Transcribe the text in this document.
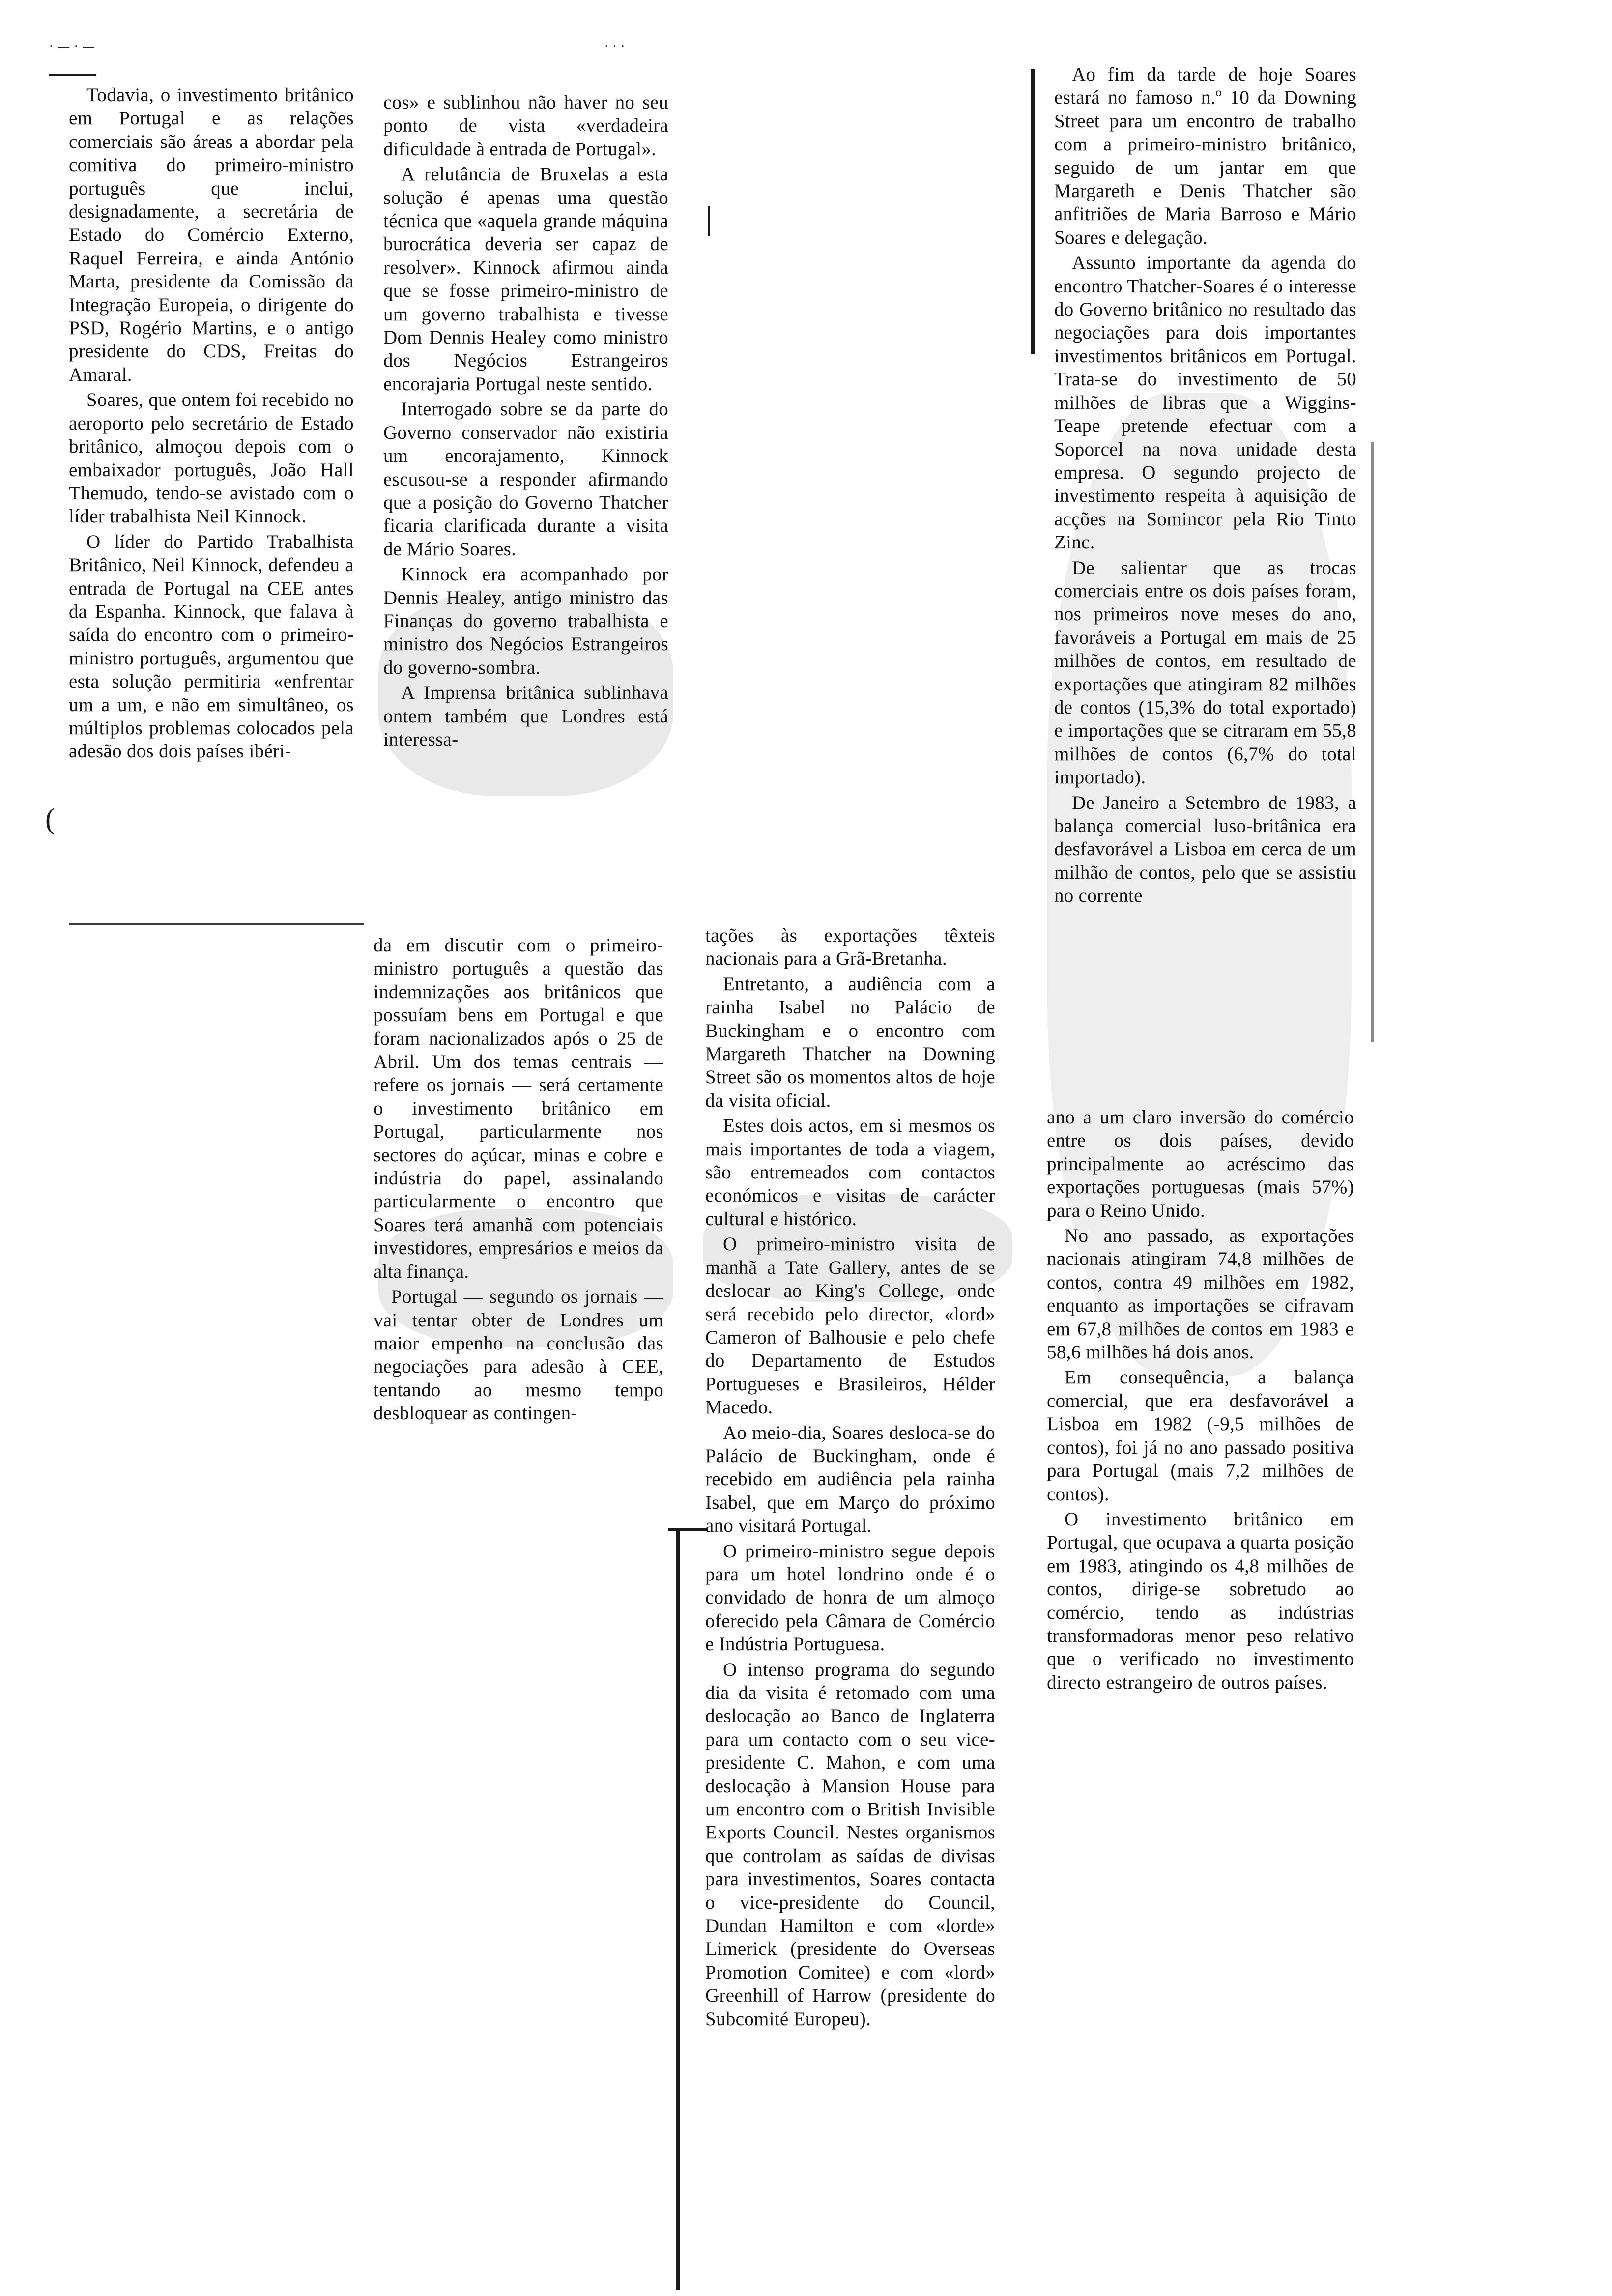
· — · —	· · ·
(

Todavia, o investimento britânico em Portugal e as relações comerciais são áreas a abordar pela comitiva do primeiro-ministro português que inclui, designadamente, a secretária de Estado do Comércio Externo, Raquel Ferreira, e ainda António Marta, presidente da Comissão da Integração Europeia, o dirigente do PSD, Rogério Martins, e o antigo presidente do CDS, Freitas do Amaral.

Soares, que ontem foi recebido no aeroporto pelo secretário de Estado britânico, almoçou depois com o embaixador português, João Hall Themudo, tendo-se avistado com o líder trabalhista Neil Kinnock.

O líder do Partido Trabalhista Britânico, Neil Kinnock, defendeu a entrada de Portugal na CEE antes da Espanha. Kinnock, que falava à saída do encontro com o primeiro-ministro português, argumentou que esta solução permitiria «enfrentar um a um, e não em simultâneo, os múltiplos problemas colocados pela adesão dos dois países ibéri-

cos» e sublinhou não haver no seu ponto de vista «verdadeira dificuldade à entrada de Portugal».

A relutância de Bruxelas a esta solução é apenas uma questão técnica que «aquela grande máquina burocrática deveria ser capaz de resolver». Kinnock afirmou ainda que se fosse primeiro-ministro de um governo trabalhista e tivesse Dom Dennis Healey como ministro dos Negócios Estrangeiros encorajaria Portugal neste sentido.

Interrogado sobre se da parte do Governo conservador não existiria um encorajamento, Kinnock escusou-se a responder afirmando que a posição do Governo Thatcher ficaria clarificada durante a visita de Mário Soares.

Kinnock era acompanhado por Dennis Healey, antigo ministro das Finanças do governo trabalhista e ministro dos Negócios Estrangeiros do governo-sombra.

A Imprensa britânica sublinhava ontem também que Londres está interessa-

da em discutir com o primeiro-ministro português a questão das indemnizações aos britânicos que possuíam bens em Portugal e que foram nacionalizados após o 25 de Abril. Um dos temas centrais — refere os jornais — será certamente o investimento britânico em Portugal, particularmente nos sectores do açúcar, minas e cobre e indústria do papel, assinalando particularmente o encontro que Soares terá amanhã com potenciais investidores, empresários e meios da alta finança.

Portugal — segundo os jornais — vai tentar obter de Londres um maior empenho na conclusão das negociações para adesão à CEE, tentando ao mesmo tempo desbloquear as contingen-

tações às exportações têxteis nacionais para a Grã-Bretanha.

Entretanto, a audiência com a rainha Isabel no Palácio de Buckingham e o encontro com Margareth Thatcher na Downing Street são os momentos altos de hoje da visita oficial.

Estes dois actos, em si mesmos os mais importantes de toda a viagem, são entremeados com contactos económicos e visitas de carácter cultural e histórico.

O primeiro-ministro visita de manhã a Tate Gallery, antes de se deslocar ao King's College, onde será recebido pelo director, «lord» Cameron of Balhousie e pelo chefe do Departamento de Estudos Portugueses e Brasileiros, Hélder Macedo.

Ao meio-dia, Soares desloca-se do Palácio de Buckingham, onde é recebido em audiência pela rainha Isabel, que em Março do próximo ano visitará Portugal.

O primeiro-ministro segue depois para um hotel londrino onde é o convidado de honra de um almoço oferecido pela Câmara de Comércio e Indústria Portuguesa.

O intenso programa do segundo dia da visita é retomado com uma deslocação ao Banco de Inglaterra para um contacto com o seu vice-presidente C. Mahon, e com uma deslocação à Mansion House para um encontro com o British Invisible Exports Council. Nestes organismos que controlam as saídas de divisas para investimentos, Soares contacta o vice-presidente do Council, Dundan Hamilton e com «lorde» Limerick (presidente do Overseas Promotion Comitee) e com «lord» Greenhill of Harrow (presidente do Subcomité Europeu).

Ao fim da tarde de hoje Soares estará no famoso n.º 10 da Downing Street para um encontro de trabalho com a primeiro-ministro britânico, seguido de um jantar em que Margareth e Denis Thatcher são anfitriões de Maria Barroso e Mário Soares e delegação.

Assunto importante da agenda do encontro Thatcher-Soares é o interesse do Governo britânico no resultado das negociações para dois importantes investimentos britânicos em Portugal. Trata-se do investimento de 50 milhões de libras que a Wiggins-Teape pretende efectuar com a Soporcel na nova unidade desta empresa. O segundo projecto de investimento respeita à aquisição de acções na Somincor pela Rio Tinto Zinc.

De salientar que as trocas comerciais entre os dois países foram, nos primeiros nove meses do ano, favoráveis a Portugal em mais de 25 milhões de contos, em resultado de exportações que atingiram 82 milhões de contos (15,3% do total exportado) e importações que se citraram em 55,8 milhões de contos (6,7% do total importado).

De Janeiro a Setembro de 1983, a balança comercial luso-britânica era desfavorável a Lisboa em cerca de um milhão de contos, pelo que se assistiu no corrente

ano a um claro inversão do comércio entre os dois países, devido principalmente ao acréscimo das exportações portuguesas (mais 57%) para o Reino Unido.

No ano passado, as exportações nacionais atingiram 74,8 milhões de contos, contra 49 milhões em 1982, enquanto as importações se cifravam em 67,8 milhões de contos em 1983 e 58,6 milhões há dois anos.

Em consequência, a balança comercial, que era desfavorável a Lisboa em 1982 (-9,5 milhões de contos), foi já no ano passado positiva para Portugal (mais 7,2 milhões de contos).

O investimento britânico em Portugal, que ocupava a quarta posição em 1983, atingindo os 4,8 milhões de contos, dirige-se sobretudo ao comércio, tendo as indústrias transformadoras menor peso relativo que o verificado no investimento directo estrangeiro de outros países.
